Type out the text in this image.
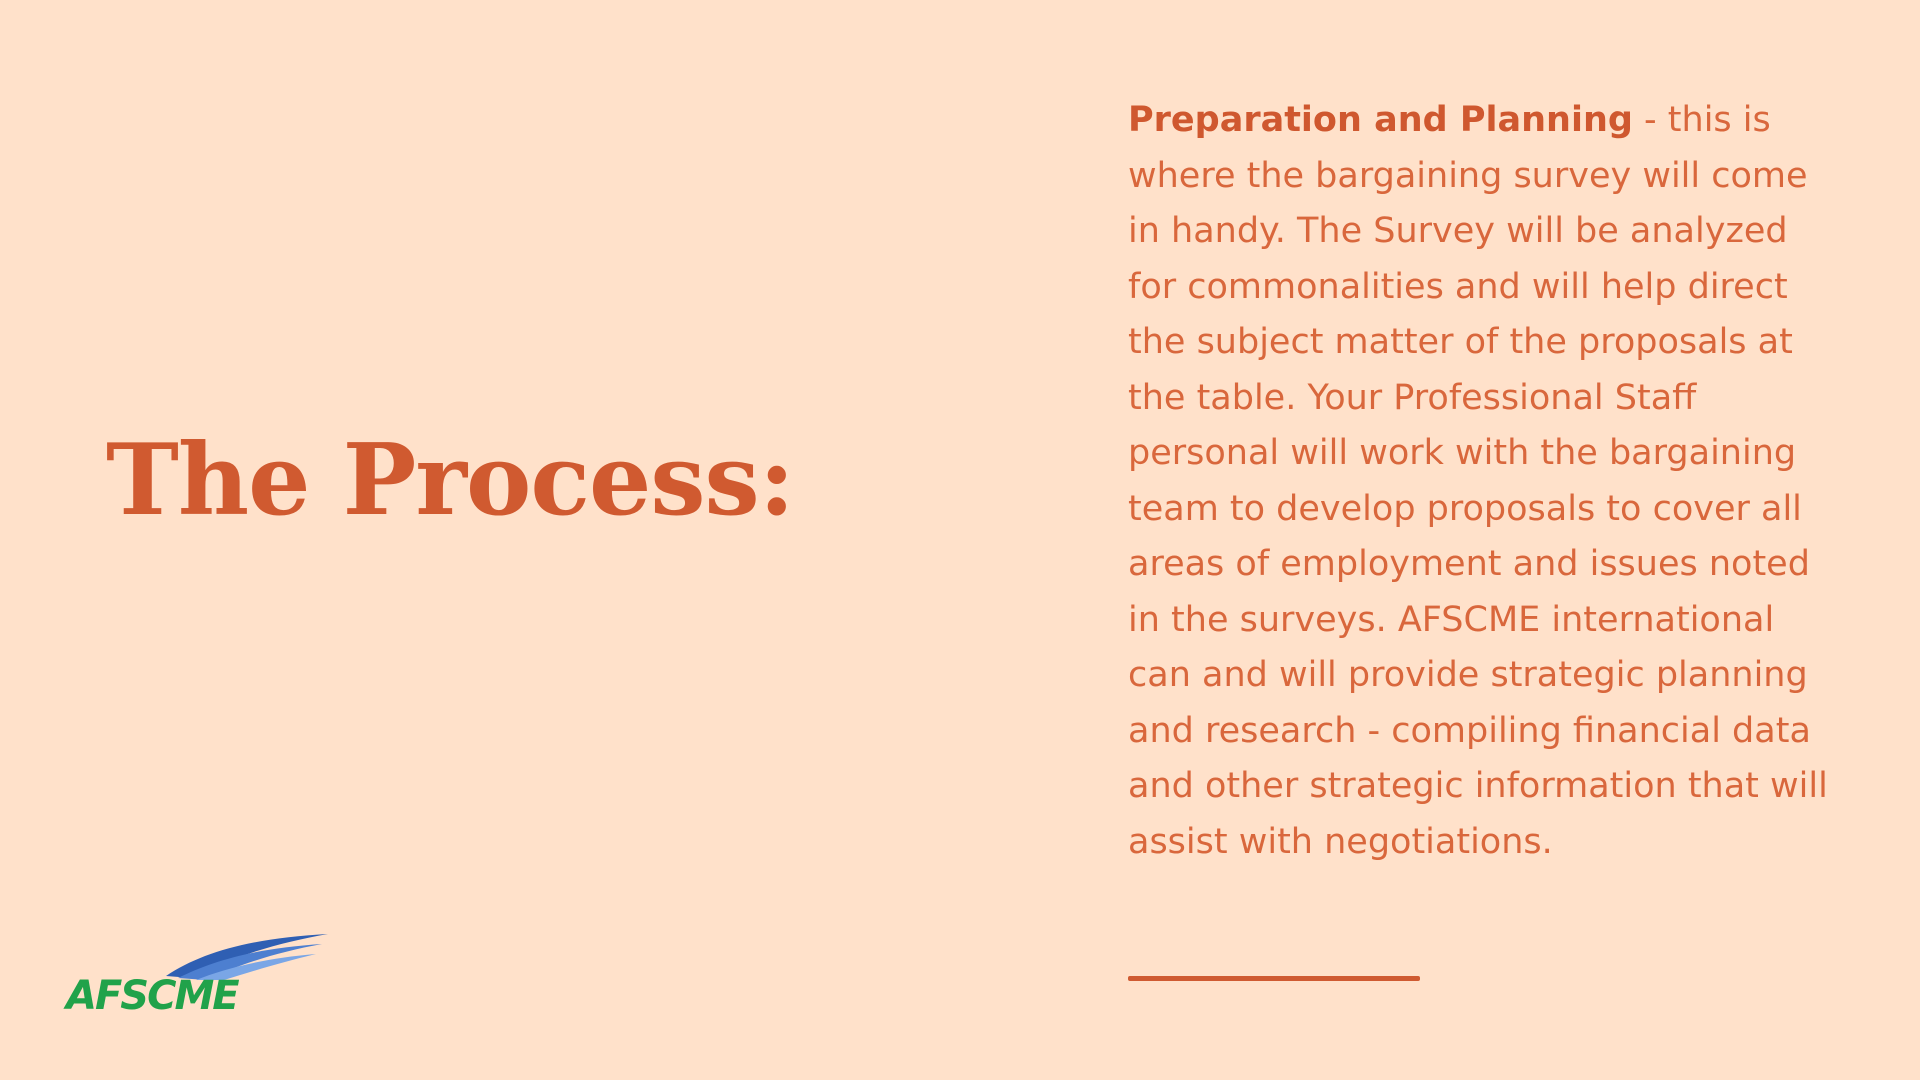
The Process:

Preparation and Planning - this is where the bargaining survey will come in handy. The Survey will be analyzed for commonalities and will help direct the subject matter of the proposals at the table. Your Professional Staff personal will work with the bargaining team to develop proposals to cover all areas of employment and issues noted in the surveys. AFSCME international can and will provide strategic planning and research - compiling financial data and other strategic information that will assist with negotiations.

AFSCME
